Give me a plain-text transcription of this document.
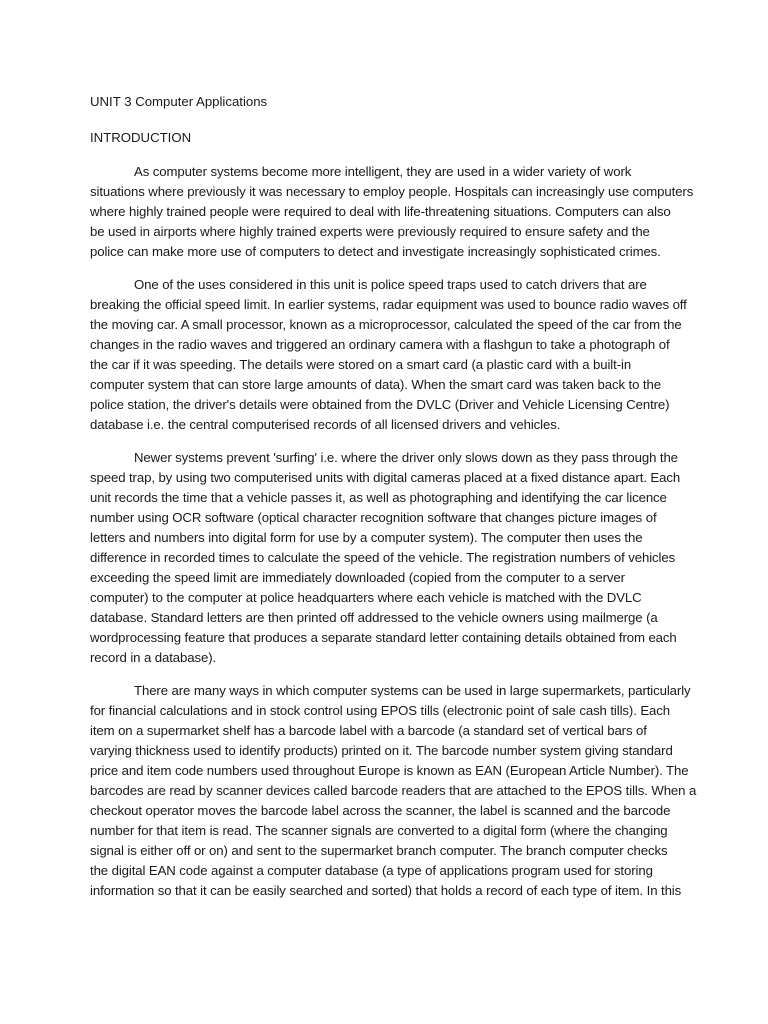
UNIT 3 Computer Applications

INTRODUCTION

As computer systems become more intelligent, they are used in a wider variety of work
situations where previously it was necessary to employ people. Hospitals can increasingly use computers
where highly trained people were required to deal with life-threatening situations. Computers can also
be used in airports where highly trained experts were previously required to ensure safety and the
police can make more use of computers to detect and investigate increasingly sophisticated crimes.

One of the uses considered in this unit is police speed traps used to catch drivers that are
breaking the official speed limit. In earlier systems, radar equipment was used to bounce radio waves off
the moving car. A small processor, known as a microprocessor, calculated the speed of the car from the
changes in the radio waves and triggered an ordinary camera with a flashgun to take a photograph of
the car if it was speeding. The details were stored on a smart card (a plastic card with a built-in
computer system that can store large amounts of data). When the smart card was taken back to the
police station, the driver's details were obtained from the DVLC (Driver and Vehicle Licensing Centre)
database i.e. the central computerised records of all licensed drivers and vehicles.

Newer systems prevent 'surfing' i.e. where the driver only slows down as they pass through the
speed trap, by using two computerised units with digital cameras placed at a fixed distance apart. Each
unit records the time that a vehicle passes it, as well as photographing and identifying the car licence
number using OCR software (optical character recognition software that changes picture images of
letters and numbers into digital form for use by a computer system). The computer then uses the
difference in recorded times to calculate the speed of the vehicle. The registration numbers of vehicles
exceeding the speed limit are immediately downloaded (copied from the computer to a server
computer) to the computer at police headquarters where each vehicle is matched with the DVLC
database. Standard letters are then printed off addressed to the vehicle owners using mailmerge (a
wordprocessing feature that produces a separate standard letter containing details obtained from each
record in a database).

There are many ways in which computer systems can be used in large supermarkets, particularly
for financial calculations and in stock control using EPOS tills (electronic point of sale cash tills). Each
item on a supermarket shelf has a barcode label with a barcode (a standard set of vertical bars of
varying thickness used to identify products) printed on it. The barcode number system giving standard
price and item code numbers used throughout Europe is known as EAN (European Article Number). The
barcodes are read by scanner devices called barcode readers that are attached to the EPOS tills. When a
checkout operator moves the barcode label across the scanner, the label is scanned and the barcode
number for that item is read. The scanner signals are converted to a digital form (where the changing
signal is either off or on) and sent to the supermarket branch computer. The branch computer checks
the digital EAN code against a computer database (a type of applications program used for storing
information so that it can be easily searched and sorted) that holds a record of each type of item. In this
